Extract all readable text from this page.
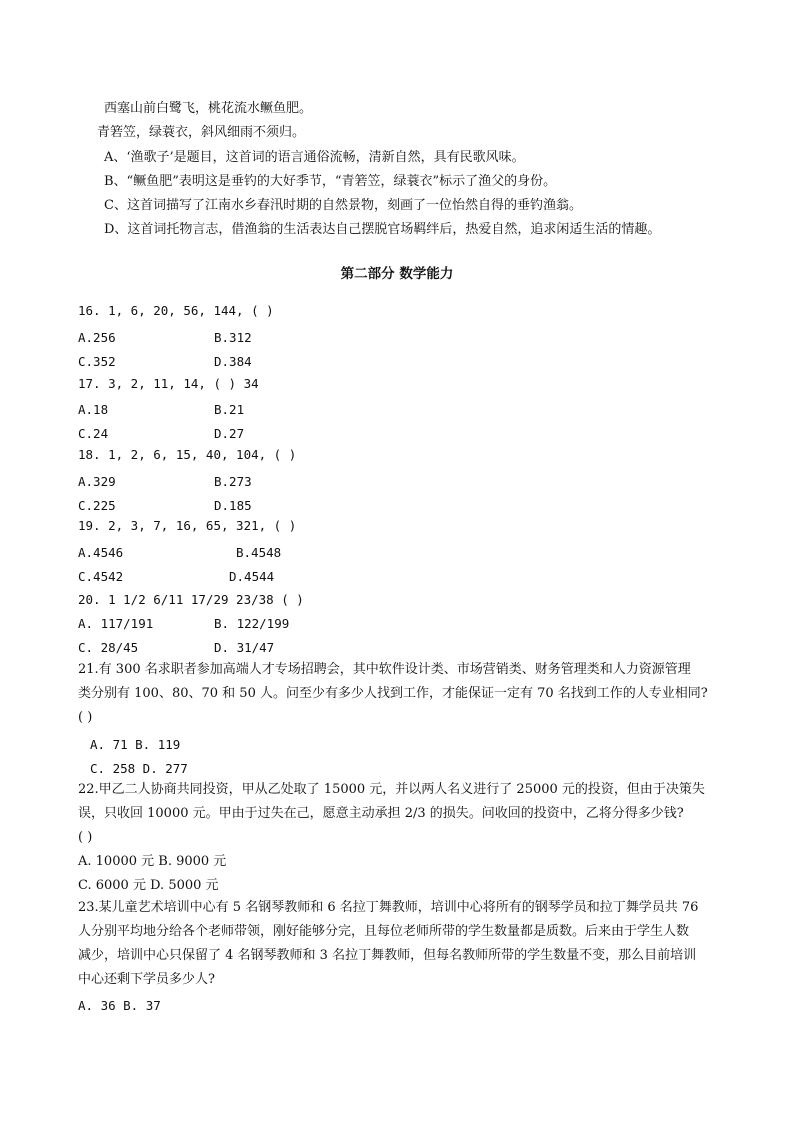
西塞山前白鹭飞，桃花流水鳜鱼肥。
青箬笠，绿蓑衣，斜风细雨不须归。
A、‘渔歌子’是题目，这首词的语言通俗流畅，清新自然，具有民歌风味。
B、“鳜鱼肥”表明这是垂钓的大好季节，“青箬笠，绿蓑衣”标示了渔父的身份。
C、这首词描写了江南水乡春汛时期的自然景物，刻画了一位怡然自得的垂钓渔翁。
D、这首词托物言志，借渔翁的生活表达自己摆脱官场羁绊后，热爱自然，追求闲适生活的情趣。
第二部分 数学能力
16. 1, 6, 20, 56, 144, ( )
A.256	B.312
C.352	D.384
17. 3, 2, 11, 14, ( ) 34
A.18	B.21
C.24	D.27
18. 1, 2, 6, 15, 40, 104, ( )
A.329	B.273
C.225	D.185
19. 2, 3, 7, 16, 65, 321, ( )
A.4546	B.4548
C.4542	D.4544
20. 1 1/2 6/11 17/29 23/38 ( )
A. 117/191	B. 122/199
C. 28/45	D. 31/47
21.有 300 名求职者参加高端人才专场招聘会，其中软件设计类、市场营销类、财务管理类和人力资源管理
类分别有 100、80、70 和 50 人。问至少有多少人找到工作，才能保证一定有 70 名找到工作的人专业相同?
( )
A. 71 B. 119
C. 258 D. 277
22.甲乙二人协商共同投资，甲从乙处取了 15000 元，并以两人名义进行了 25000 元的投资，但由于决策失
误，只收回 10000 元。甲由于过失在己，愿意主动承担 2/3 的损失。问收回的投资中，乙将分得多少钱?
( )
A. 10000 元 B. 9000 元
C. 6000 元 D. 5000 元
23.某儿童艺术培训中心有 5 名钢琴教师和 6 名拉丁舞教师，培训中心将所有的钢琴学员和拉丁舞学员共 76
人分别平均地分给各个老师带领，刚好能够分完，且每位老师所带的学生数量都是质数。后来由于学生人数
减少，培训中心只保留了 4 名钢琴教师和 3 名拉丁舞教师，但每名教师所带的学生数量不变，那么目前培训
中心还剩下学员多少人?
A. 36 B. 37
